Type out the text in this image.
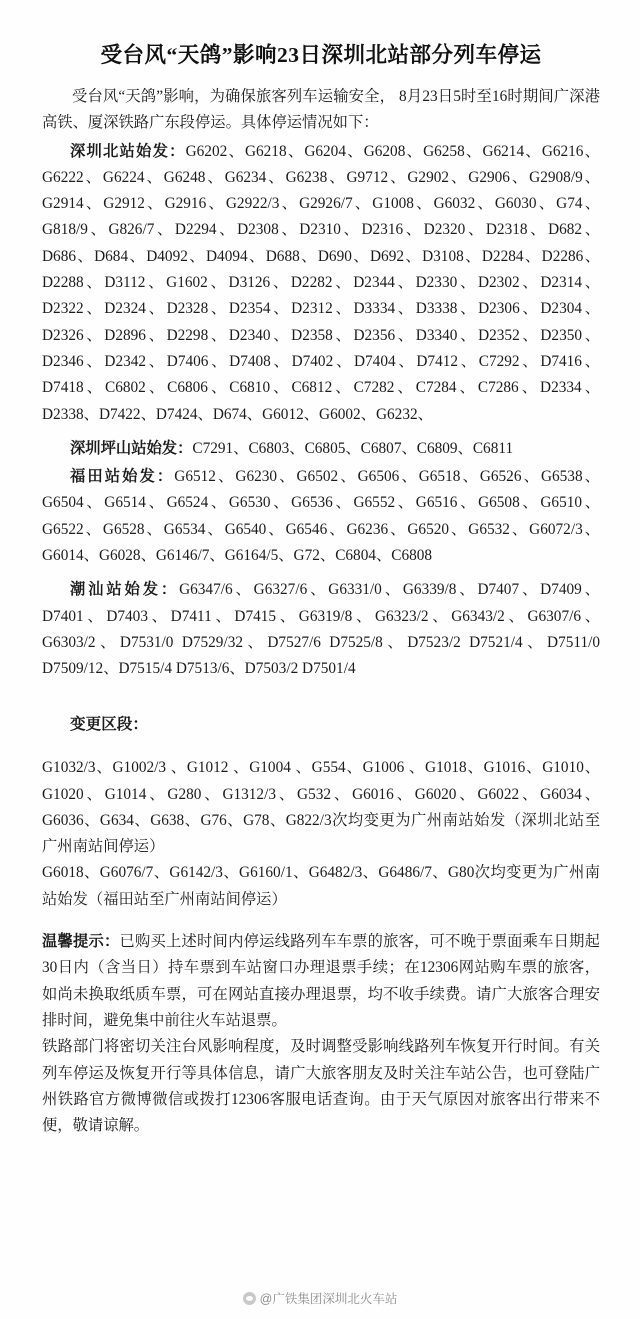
受台风“天鸽”影响23日深圳北站部分列车停运

受台风“天鸽”影响，为确保旅客列车运输安全， 8月23日5时至16时期间广深港高铁、厦深铁路广东段停运。具体停运情况如下：

深圳北站始发：G6202、G6218、G6204、G6208、G6258、G6214、G6216、G6222、G6224、G6248、G6234、G6238、G9712、G2902、G2906、G2908/9、G2914、G2912、G2916、G2922/3、G2926/7、G1008、G6032、G6030、G74、G818/9、G826/7、D2294、D2308、D2310、D2316、D2320、D2318、D682、D686、D684、D4092、D4094、D688、D690、D692、D3108、D2284、D2286、D2288、D3112、G1602、D3126、D2282、D2344、D2330、D2302、D2314、D2322、D2324、D2328、D2354、D2312、D3334、D3338、D2306、D2304、D2326、D2896、D2298、D2340、D2358、D2356、D3340、D2352、D2350、D2346、D2342、D7406、D7408、D7402、D7404、D7412、C7292、D7416、D7418、C6802、C6806、C6810、C6812、C7282、C7284、C7286、D2334、D2338、D7422、D7424、D674、G6012、G6002、G6232、

深圳坪山站始发：C7291、C6803、C6805、C6807、C6809、C6811

福田站始发：G6512、G6230、G6502、G6506、G6518、G6526、G6538、G6504、G6514、G6524、G6530、G6536、G6552、G6516、G6508、G6510、G6522、G6528、G6534、G6540、G6546、G6236、G6520、G6532、G6072/3、G6014、G6028、G6146/7、G6164/5、G72、C6804、C6808

潮汕站始发：G6347/6、G6327/6、G6331/0、G6339/8、D7407、D7409、D7401、D7403、D7411、D7415、G6319/8、G6323/2、G6343/2、G6307/6、G6303/2、D7531/0 D7529/32、D7527/6 D7525/8、D7523/2 D7521/4、D7511/0 D7509/12、D7515/4 D7513/6、D7503/2 D7501/4

变更区段：

G1032/3、G1002/3 、G1012 、G1004 、G554、G1006 、G1018、G1016、G1010、G1020、G1014、G280、G1312/3、G532、G6016、G6020、G6022、G6034、G6036、G634、G638、G76、G78、G822/3次均变更为广州南站始发（深圳北站至广州南站间停运）

G6018、G6076/7、G6142/3、G6160/1、G6482/3、G6486/7、G80次均变更为广州南站始发（福田站至广州南站间停运）

温馨提示：已购买上述时间内停运线路列车车票的旅客，可不晚于票面乘车日期起30日内（含当日）持车票到车站窗口办理退票手续；在12306网站购车票的旅客，如尚未换取纸质车票，可在网站直接办理退票，均不收手续费。请广大旅客合理安排时间，避免集中前往火车站退票。

铁路部门将密切关注台风影响程度，及时调整受影响线路列车恢复开行时间。有关列车停运及恢复开行等具体信息，请广大旅客朋友及时关注车站公告，也可登陆广州铁路官方微博微信或拨打12306客服电话查询。由于天气原因对旅客出行带来不便，敬请谅解。

@广铁集团深圳北火车站
